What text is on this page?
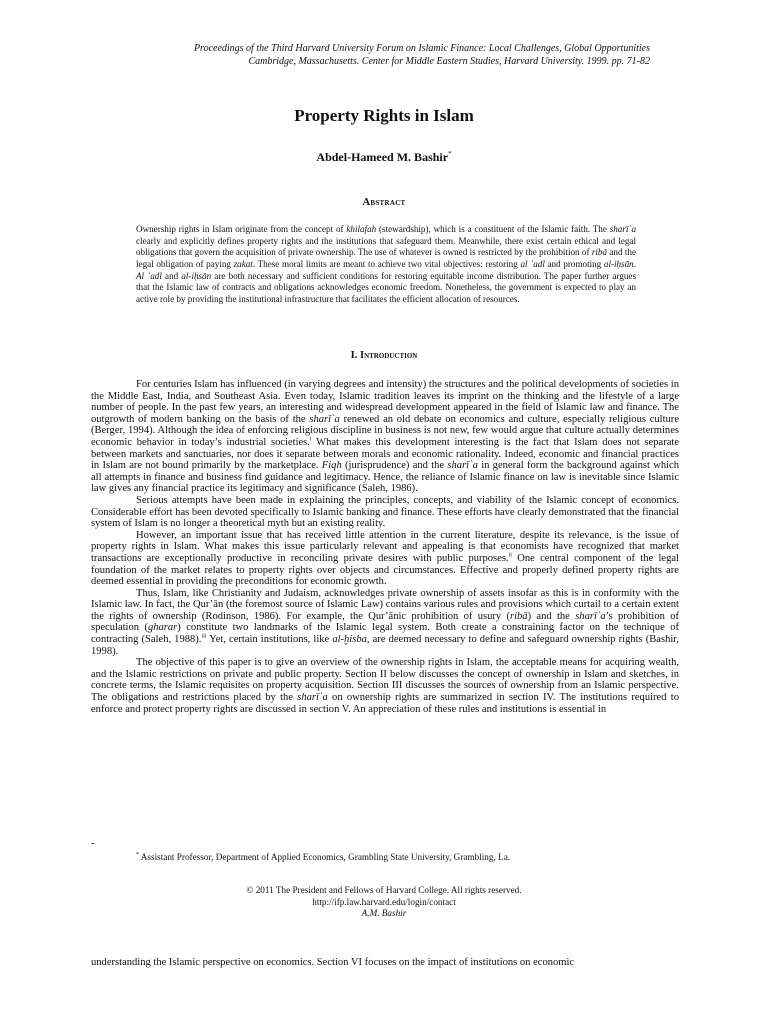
Proceedings of the Third Harvard University Forum on Islamic Finance: Local Challenges, Global Opportunities
Cambridge, Massachusetts. Center for Middle Eastern Studies, Harvard University. 1999. pp. 71-82
Property Rights in Islam
Abdel-Hameed M. Bashir*
Abstract
Ownership rights in Islam originate from the concept of khilafah (stewardship), which is a constituent of the Islamic faith. The sharī`a clearly and explicitly defines property rights and the institutions that safeguard them. Meanwhile, there exist certain ethical and legal obligations that govern the acquisition of private ownership. The use of whatever is owned is restricted by the prohibition of ribā and the legal obligation of paying zakat. These moral limits are meant to achieve two vital objectives: restoring al `adl and promoting al-iḥsān. Al `adl and al-iḥsān are both necessary and sufficient conditions for restoring equitable income distribution. The paper further argues that the Islamic law of contracts and obligations acknowledges economic freedom. Nonetheless, the government is expected to play an active role by providing the institutional infrastructure that facilitates the efficient allocation of resources.
I. Introduction

For centuries Islam has influenced (in varying degrees and intensity) the structures and the political developments of societies in the Middle East, India, and Southeast Asia. Even today, Islamic tradition leaves its imprint on the thinking and the lifestyle of a large number of people. In the past few years, an interesting and widespread development appeared in the field of Islamic law and finance. The outgrowth of modern banking on the basis of the sharī`a renewed an old debate on economics and culture, especially religious culture (Berger, 1994). Although the idea of enforcing religious discipline in business is not new, few would argue that culture actually determines economic behavior in today’s industrial societies.$^i$ What makes this development interesting is the fact that Islam does not separate between markets and sanctuaries, nor does it separate between morals and economic rationality. Indeed, economic and financial practices in Islam are not bound primarily by the marketplace. Fiqh (jurisprudence) and the sharī`a in general form the background against which all attempts in finance and business find guidance and legitimacy. Hence, the reliance of Islamic finance on law is inevitable since Islamic law gives any financial practice its legitimacy and significance (Saleh, 1986).

Serious attempts have been made in explaining the principles, concepts, and viability of the Islamic concept of economics. Considerable effort has been devoted specifically to Islamic banking and finance. These efforts have clearly demonstrated that the financial system of Islam is no longer a theoretical myth but an existing reality.

However, an important issue that has received little attention in the current literature, despite its relevance, is the issue of property rights in Islam. What makes this issue particularly relevant and appealing is that economists have recognized that market transactions are exceptionally productive in reconciling private desires with public purposes.$^{ii}$ One central component of the legal foundation of the market relates to property rights over objects and circumstances. Effective and properly defined property rights are deemed essential in providing the preconditions for economic growth.

Thus, Islam, like Christianity and Judaism, acknowledges private ownership of assets insofar as this is in conformity with the Islamic law. In fact, the Qur’ān (the foremost source of Islamic Law) contains various rules and provisions which curtail to a certain extent the rights of ownership (Rodinson, 1986). For example, the Qur’ānic prohibition of usury (ribā) and the sharī`a’s prohibition of speculation (gharar) constitute two landmarks of the Islamic legal system. Both create a constraining factor on the technique of contracting (Saleh, 1988).$^{iii}$ Yet, certain institutions, like al-ḫisba, are deemed necessary to define and safeguard ownership rights (Bashir, 1998).

The objective of this paper is to give an overview of the ownership rights in Islam, the acceptable means for acquiring wealth, and the Islamic restrictions on private and public property. Section II below discusses the concept of ownership in Islam and sketches, in concrete terms, the Islamic requisites on property acquisition. Section III discusses the sources of ownership from an Islamic perspective. The obligations and restrictions placed by the sharī`a on ownership rights are summarized in section IV. The institutions required to enforce and protect property rights are discussed in section V. An appreciation of these rules and institutions is essential in

-
* Assistant Professor, Department of Applied Economics, Grambling State University, Grambling, La.
© 2011 The President and Fellows of Harvard College. All rights reserved.
http://ifp.law.harvard.edu/login/contact
A.M. Bashir
understanding the Islamic perspective on economics. Section VI focuses on the impact of institutions on economic
